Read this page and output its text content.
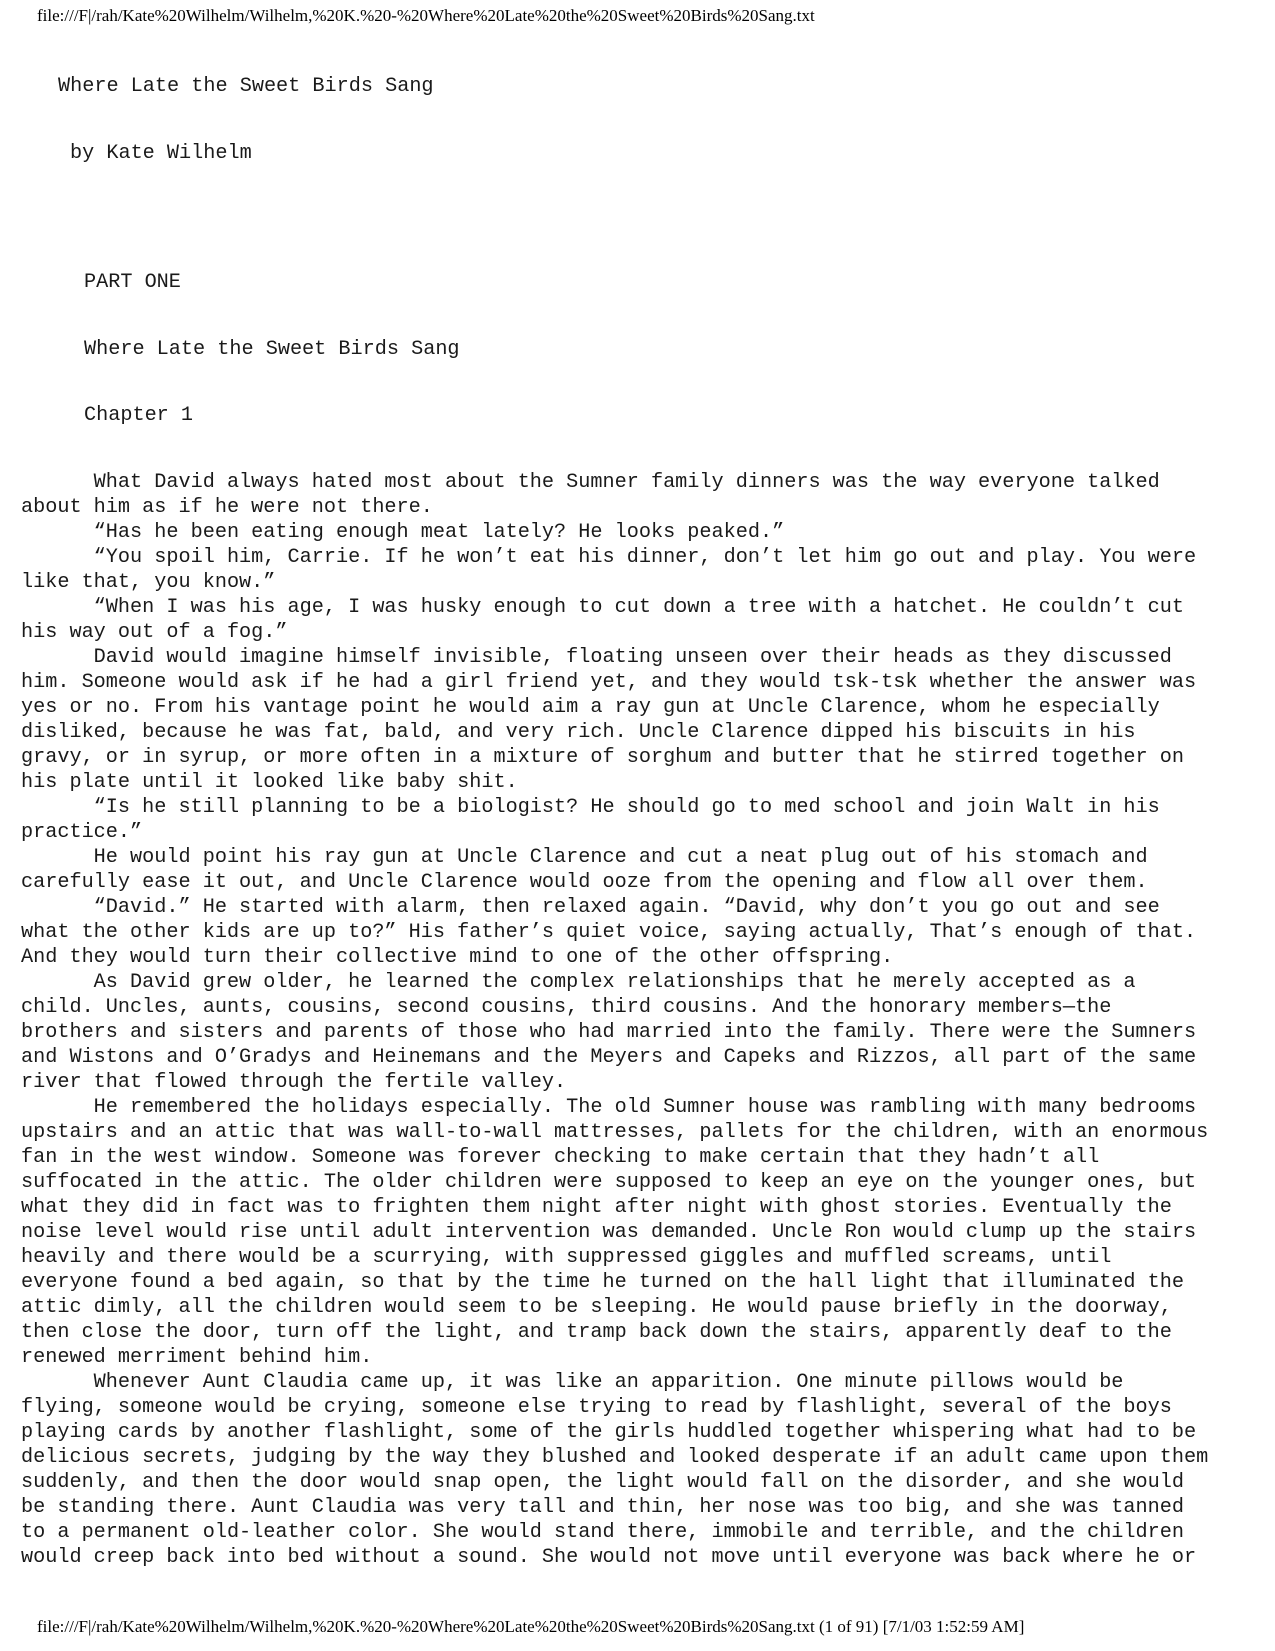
file:///F|/rah/Kate%20Wilhelm/Wilhelm,%20K.%20-%20Where%20Late%20the%20Sweet%20Birds%20Sang.txt
Where Late the Sweet Birds Sang
by Kate Wilhelm
PART ONE
Where Late the Sweet Birds Sang
Chapter 1
What David always hated most about the Sumner family dinners was the way everyone talked
about him as if he were not there.
“Has he been eating enough meat lately? He looks peaked.”
“You spoil him, Carrie. If he won’t eat his dinner, don’t let him go out and play. You were
like that, you know.”
“When I was his age, I was husky enough to cut down a tree with a hatchet. He couldn’t cut
his way out of a fog.”
David would imagine himself invisible, floating unseen over their heads as they discussed
him. Someone would ask if he had a girl friend yet, and they would tsk-tsk whether the answer was
yes or no. From his vantage point he would aim a ray gun at Uncle Clarence, whom he especially
disliked, because he was fat, bald, and very rich. Uncle Clarence dipped his biscuits in his
gravy, or in syrup, or more often in a mixture of sorghum and butter that he stirred together on
his plate until it looked like baby shit.
“Is he still planning to be a biologist? He should go to med school and join Walt in his
practice.”
He would point his ray gun at Uncle Clarence and cut a neat plug out of his stomach and
carefully ease it out, and Uncle Clarence would ooze from the opening and flow all over them.
“David.” He started with alarm, then relaxed again. “David, why don’t you go out and see
what the other kids are up to?” His father’s quiet voice, saying actually, That’s enough of that.
And they would turn their collective mind to one of the other offspring.
As David grew older, he learned the complex relationships that he merely accepted as a
child. Uncles, aunts, cousins, second cousins, third cousins. And the honorary members—the
brothers and sisters and parents of those who had married into the family. There were the Sumners
and Wistons and O’Gradys and Heinemans and the Meyers and Capeks and Rizzos, all part of the same
river that flowed through the fertile valley.
He remembered the holidays especially. The old Sumner house was rambling with many bedrooms
upstairs and an attic that was wall-to-wall mattresses, pallets for the children, with an enormous
fan in the west window. Someone was forever checking to make certain that they hadn’t all
suffocated in the attic. The older children were supposed to keep an eye on the younger ones, but
what they did in fact was to frighten them night after night with ghost stories. Eventually the
noise level would rise until adult intervention was demanded. Uncle Ron would clump up the stairs
heavily and there would be a scurrying, with suppressed giggles and muffled screams, until
everyone found a bed again, so that by the time he turned on the hall light that illuminated the
attic dimly, all the children would seem to be sleeping. He would pause briefly in the doorway,
then close the door, turn off the light, and tramp back down the stairs, apparently deaf to the
renewed merriment behind him.
Whenever Aunt Claudia came up, it was like an apparition. One minute pillows would be
flying, someone would be crying, someone else trying to read by flashlight, several of the boys
playing cards by another flashlight, some of the girls huddled together whispering what had to be
delicious secrets, judging by the way they blushed and looked desperate if an adult came upon them
suddenly, and then the door would snap open, the light would fall on the disorder, and she would
be standing there. Aunt Claudia was very tall and thin, her nose was too big, and she was tanned
to a permanent old-leather color. She would stand there, immobile and terrible, and the children
would creep back into bed without a sound. She would not move until everyone was back where he or
file:///F|/rah/Kate%20Wilhelm/Wilhelm,%20K.%20-%20Where%20Late%20the%20Sweet%20Birds%20Sang.txt (1 of 91) [7/1/03 1:52:59 AM]
